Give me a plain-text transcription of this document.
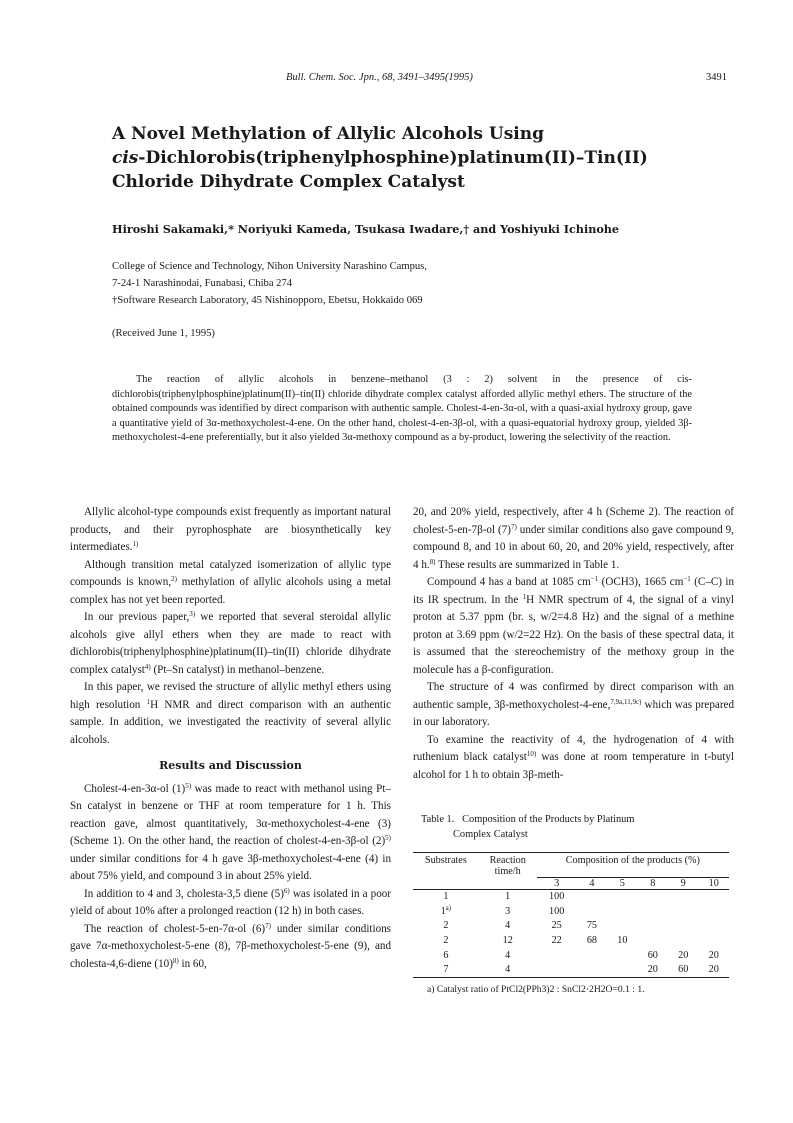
Bull. Chem. Soc. Jpn., 68, 3491–3495(1995)	3491
A Novel Methylation of Allylic Alcohols Using
cis-Dichlorobis(triphenylphosphine)platinum(II)–Tin(II)
Chloride Dihydrate Complex Catalyst
Hiroshi Sakamaki,* Noriyuki Kameda, Tsukasa Iwadare,† and Yoshiyuki Ichinohe
College of Science and Technology, Nihon University Narashino Campus,
7-24-1 Narashinodai, Funabasi, Chiba 274
†Software Research Laboratory, 45 Nishinopporo, Ebetsu, Hokkaido 069
(Received June 1, 1995)
The reaction of allylic alcohols in benzene–methanol (3 : 2) solvent in the presence of cis-dichlorobis(triphenylphosphine)platinum(II)–tin(II) chloride dihydrate complex catalyst afforded allylic methyl ethers. The structure of the obtained compounds was identified by direct comparison with authentic sample. Cholest-4-en-3α-ol, with a quasi-axial hydroxy group, gave a quantitative yield of 3α-methoxycholest-4-ene. On the other hand, cholest-4-en-3β-ol, with a quasi-equatorial hydroxy group, yielded 3β-methoxycholest-4-ene preferentially, but it also yielded 3α-methoxy compound as a by-product, lowering the selectivity of the reaction.

Allylic alcohol-type compounds exist frequently as important natural products, and their pyrophosphate are biosynthetically key intermediates.$^{1)}$

Although transition metal catalyzed isomerization of allylic type compounds is known,$^{2)}$ methylation of allylic alcohols using a metal complex has not yet been reported.

In our previous paper,$^{3)}$ we reported that several steroidal allylic alcohols give allyl ethers when they are made to react with dichlorobis(triphenylphosphine)platinum(II)–tin(II) chloride dihydrate complex catalyst$^{4)}$ (Pt–Sn catalyst) in methanol–benzene.

In this paper, we revised the structure of allylic methyl ethers using high resolution $^1$H NMR and direct comparison with an authentic sample. In addition, we investigated the reactivity of several allylic alcohols.

Results and Discussion

Cholest-4-en-3α-ol $(1)^{5)}$ was made to react with methanol using Pt–Sn catalyst in benzene or THF at room temperature for 1 h. This reaction gave, almost quantitatively, 3α-methoxycholest-4-ene (3) (Scheme 1). On the other hand, the reaction of cholest-4-en-3β-ol $(2)^{5)}$ under similar conditions for 4 h gave 3β-methoxycholest-4-ene (4) in about 75% yield, and compound 3 in about 25% yield.

In addition to 4 and 3, cholesta-3,5 diene $(5)^{6)}$ was isolated in a poor yield of about 10% after a prolonged reaction (12 h) in both cases.

The reaction of cholest-5-en-7α-ol $(6)^{7)}$ under similar conditions gave 7α-methoxycholest-5-ene (8), 7β-methoxycholest-5-ene (9), and cholesta-4,6-diene $(10)^{8)}$ in 60,

20, and 20% yield, respectively, after 4 h (Scheme 2). The reaction of cholest-5-en-7β-ol $(7)^{7)}$ under similar conditions also gave compound 9, compound 8, and 10 in about 60, 20, and 20% yield, respectively, after 4 h.$^{8)}$ These results are summarized in Table 1.

Compound 4 has a band at 1085 $cm^{-1}$ (OCH3), 1665 $cm^{-1}$ (C–C) in its IR spectrum. In the $^1$H NMR spectrum of 4, the signal of a vinyl proton at 5.37 ppm (br. s, w/2=4.8 Hz) and the signal of a methine proton at 3.69 ppm (w/2=22 Hz). On the basis of these spectral data, it is assumed that the stereochemistry of the methoxy group in the molecule has a β-configuration.

The structure of 4 was confirmed by direct comparison with an authentic sample, 3β-methoxycholest-4-ene,$^{7,9a,11,9c)}$ which was prepared in our laboratory.

To examine the reactivity of 4, the hydrogenation of 4 with ruthenium black catalyst$^{10)}$ was done at room temperature in t-butyl alcohol for 1 h to obtain 3β-meth-

Table 1. Composition of the Products by Platinum
Complex Catalyst
Substrates	Reaction	Composition of the products (%)					
	time/h						
		3	4	5	8	9	10
1	1	100					
1$^{a)}$	3	100					
2	4	25	75				
2	12	22	68	10			
6	4				60	20	20
7	4				20	60	20
a) Catalyst ratio of PtCl2(PPh3)2 : SnCl2·2H2O=0.1 : 1.
